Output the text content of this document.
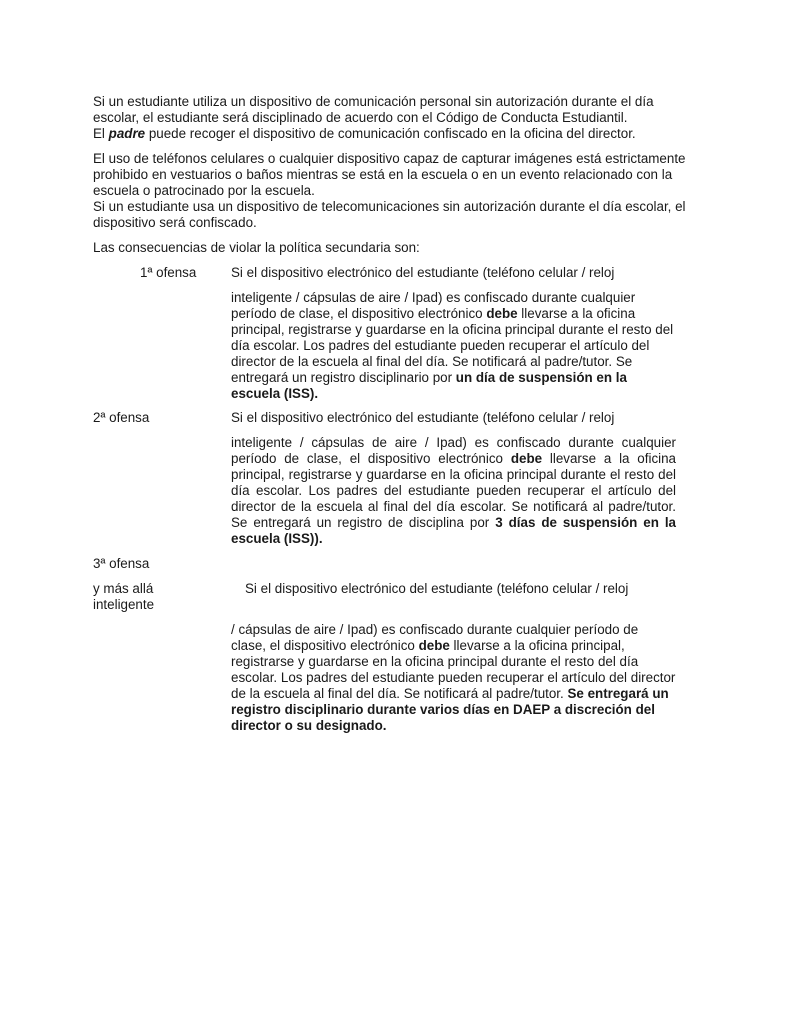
Si un estudiante utiliza un dispositivo de comunicación personal sin autorización durante el día escolar, el estudiante será disciplinado de acuerdo con el Código de Conducta Estudiantil.
El padre puede recoger el dispositivo de comunicación confiscado en la oficina del director.

El uso de teléfonos celulares o cualquier dispositivo capaz de capturar imágenes está estrictamente prohibido en vestuarios o baños mientras se está en la escuela o en un evento relacionado con la escuela o patrocinado por la escuela.
Si un estudiante usa un dispositivo de telecomunicaciones sin autorización durante el día escolar, el dispositivo será confiscado.

Las consecuencias de violar la política secundaria son:

1ª ofensa	Si el dispositivo electrónico del estudiante (teléfono celular / reloj

inteligente / cápsulas de aire / Ipad) es confiscado durante cualquier período de clase, el dispositivo electrónico debe llevarse a la oficina principal, registrarse y guardarse en la oficina principal durante el resto del día escolar. Los padres del estudiante pueden recuperar el artículo del director de la escuela al final del día. Se notificará al padre/tutor. Se entregará un registro disciplinario por un día de suspensión en la escuela (ISS).

2ª ofensa	Si el dispositivo electrónico del estudiante (teléfono celular / reloj

inteligente / cápsulas de aire / Ipad) es confiscado durante cualquier período de clase, el dispositivo electrónico debe llevarse a la oficina principal, registrarse y guardarse en la oficina principal durante el resto del día escolar. Los padres del estudiante pueden recuperar el artículo del director de la escuela al final del día escolar. Se notificará al padre/tutor. Se entregará un registro de disciplina por 3 días de suspensión en la escuela (ISS)).

3ª ofensa

y más allá

inteligente

Si el dispositivo electrónico del estudiante (teléfono celular / reloj

/ cápsulas de aire / Ipad) es confiscado durante cualquier período de clase, el dispositivo electrónico debe llevarse a la oficina principal, registrarse y guardarse en la oficina principal durante el resto del día escolar. Los padres del estudiante pueden recuperar el artículo del director de la escuela al final del día. Se notificará al padre/tutor. Se entregará un registro disciplinario durante varios días en DAEP a discreción del director o su designado.
